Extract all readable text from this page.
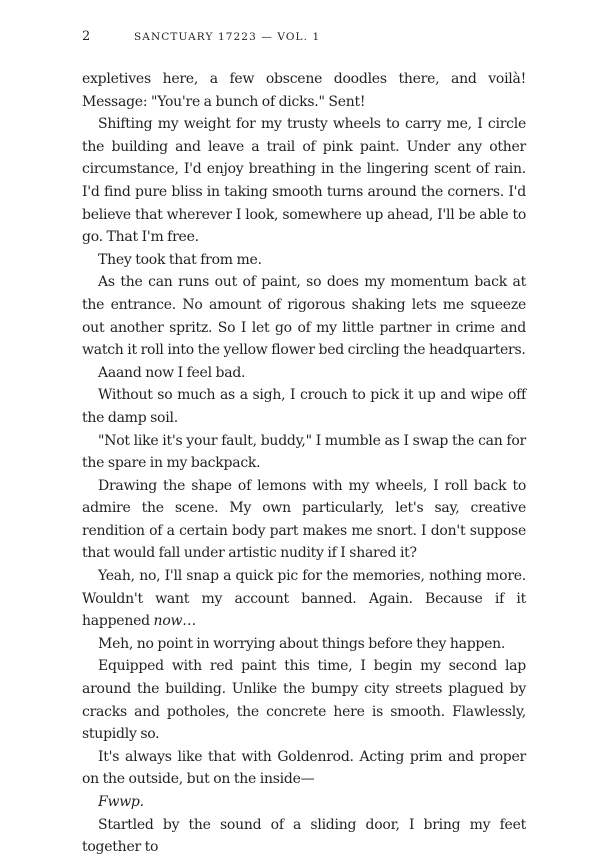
2	SANCTUARY 17223 — VOL. 1

expletives here, a few obscene doodles there, and voilà! Message: "You're a bunch of dicks." Sent!

Shifting my weight for my trusty wheels to carry me, I circle the building and leave a trail of pink paint. Under any other circumstance, I'd enjoy breathing in the lingering scent of rain. I'd find pure bliss in taking smooth turns around the corners. I'd believe that wherever I look, somewhere up ahead, I'll be able to go. That I'm free.

They took that from me.

As the can runs out of paint, so does my momentum back at the entrance. No amount of rigorous shaking lets me squeeze out another spritz. So I let go of my little partner in crime and watch it roll into the yellow flower bed circling the headquarters.

Aaand now I feel bad.

Without so much as a sigh, I crouch to pick it up and wipe off the damp soil.

"Not like it's your fault, buddy," I mumble as I swap the can for the spare in my backpack.

Drawing the shape of lemons with my wheels, I roll back to admire the scene. My own particularly, let's say, creative rendition of a certain body part makes me snort. I don't suppose that would fall under artistic nudity if I shared it?

Yeah, no, I'll snap a quick pic for the memories, nothing more. Wouldn't want my account banned. Again. Because if it happened now…

Meh, no point in worrying about things before they happen.

Equipped with red paint this time, I begin my second lap around the building. Unlike the bumpy city streets plagued by cracks and potholes, the concrete here is smooth. Flawlessly, stupidly so.

It's always like that with Goldenrod. Acting prim and proper on the outside, but on the inside—

Fwwp.

Startled by the sound of a sliding door, I bring my feet together to
